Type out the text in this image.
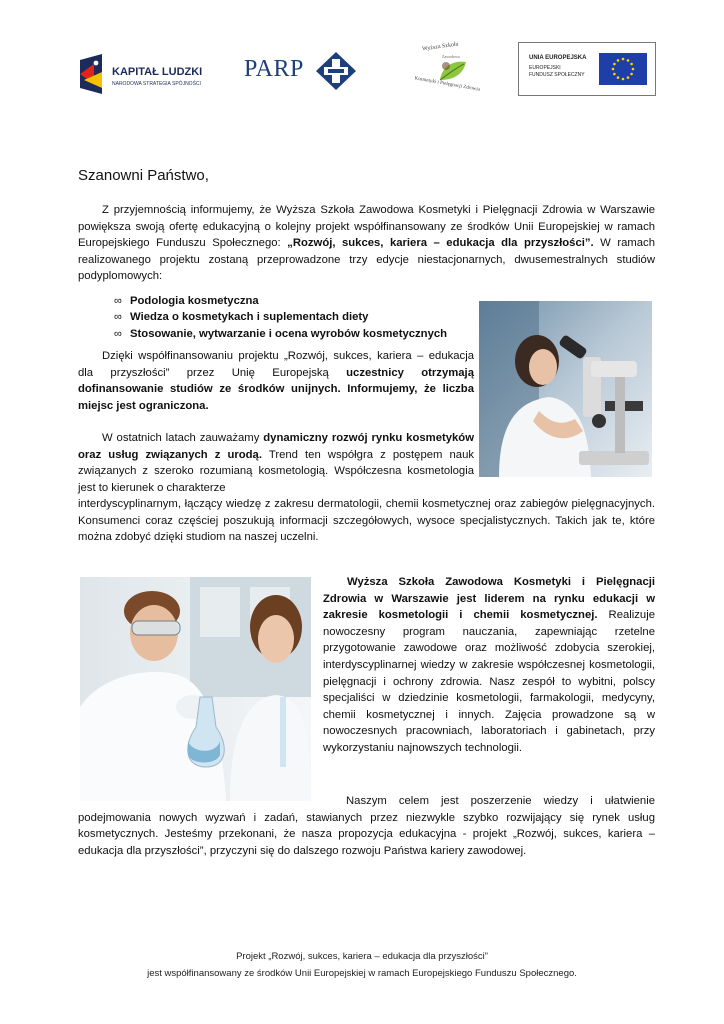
KAPITAŁ LUDZKI
NARODOWA STRATEGIA SPÓJNOŚCI
PARP
Wyższa Szkoła
Zawodowa
Kosmetyki i Pielęgnacji Zdrowia
UNIA EUROPEJSKA
EUROPEJSKI
FUNDUSZ SPOŁECZNY
Szanowni Państwo,
Z przyjemnością informujemy, że Wyższa Szkoła Zawodowa Kosmetyki i Pielęgnacji Zdrowia w Warszawie powiększa swoją ofertę edukacyjną o kolejny projekt współfinansowany ze środków Unii Europejskiej w ramach Europejskiego Funduszu Społecznego: „Rozwój, sukces, kariera – edukacja dla przyszłości”. W ramach realizowanego projektu zostaną przeprowadzone trzy edycje niestacjonarnych, dwusemestralnych studiów podyplomowych:
∞ Podologia kosmetyczna
∞ Wiedza o kosmetykach i suplementach diety
∞ Stosowanie, wytwarzanie i ocena wyrobów kosmetycznych
Dzięki współfinansowaniu projektu „Rozwój, sukces, kariera – edukacja dla przyszłości” przez Unię Europejską uczestnicy otrzymają dofinansowanie studiów ze środków unijnych. Informujemy, że liczba miejsc jest ograniczona.
W ostatnich latach zauważamy dynamiczny rozwój rynku kosmetyków oraz usług związanych z urodą. Trend ten współgra z postępem nauk związanych z szeroko rozumianą kosmetologią. Współczesna kosmetologia jest to kierunek o charakterze
interdyscyplinarnym, łączący wiedzę z zakresu dermatologii, chemii kosmetycznej oraz zabiegów pielęgnacyjnych. Konsumenci coraz częściej poszukują informacji szczegółowych, wysoce specjalistycznych. Takich jak te, które można zdobyć dzięki studiom na naszej uczelni.
Wyższa Szkoła Zawodowa Kosmetyki i Pielęgnacji Zdrowia w Warszawie jest liderem na rynku edukacji w zakresie kosmetologii i chemii kosmetycznej. Realizuje nowoczesny program nauczania, zapewniając rzetelne przygotowanie zawodowe oraz możliwość zdobycia szerokiej, interdyscyplinarnej wiedzy w zakresie współczesnej kosmetologii, pielęgnacji i ochrony zdrowia. Nasz zespół to wybitni, polscy specjaliści w dziedzinie kosmetologii, farmakologii, medycyny, chemii kosmetycznej i innych. Zajęcia prowadzone są w nowoczesnych pracowniach, laboratoriach i gabinetach, przy wykorzystaniu najnowszych technologii.
Naszym celem jest poszerzenie wiedzy i ułatwienie podejmowania nowych wyzwań i zadań, stawianych przez niezwykle szybko rozwijający się rynek usług kosmetycznych. Jesteśmy przekonani, że nasza propozycja edukacyjna - projekt „Rozwój, sukces, kariera – edukacja dla przyszłości”, przyczyni się do dalszego rozwoju Państwa kariery zawodowej.
Projekt „Rozwój, sukces, kariera – edukacja dla przyszłości”
jest współfinansowany ze środków Unii Europejskiej w ramach Europejskiego Funduszu Społecznego.
